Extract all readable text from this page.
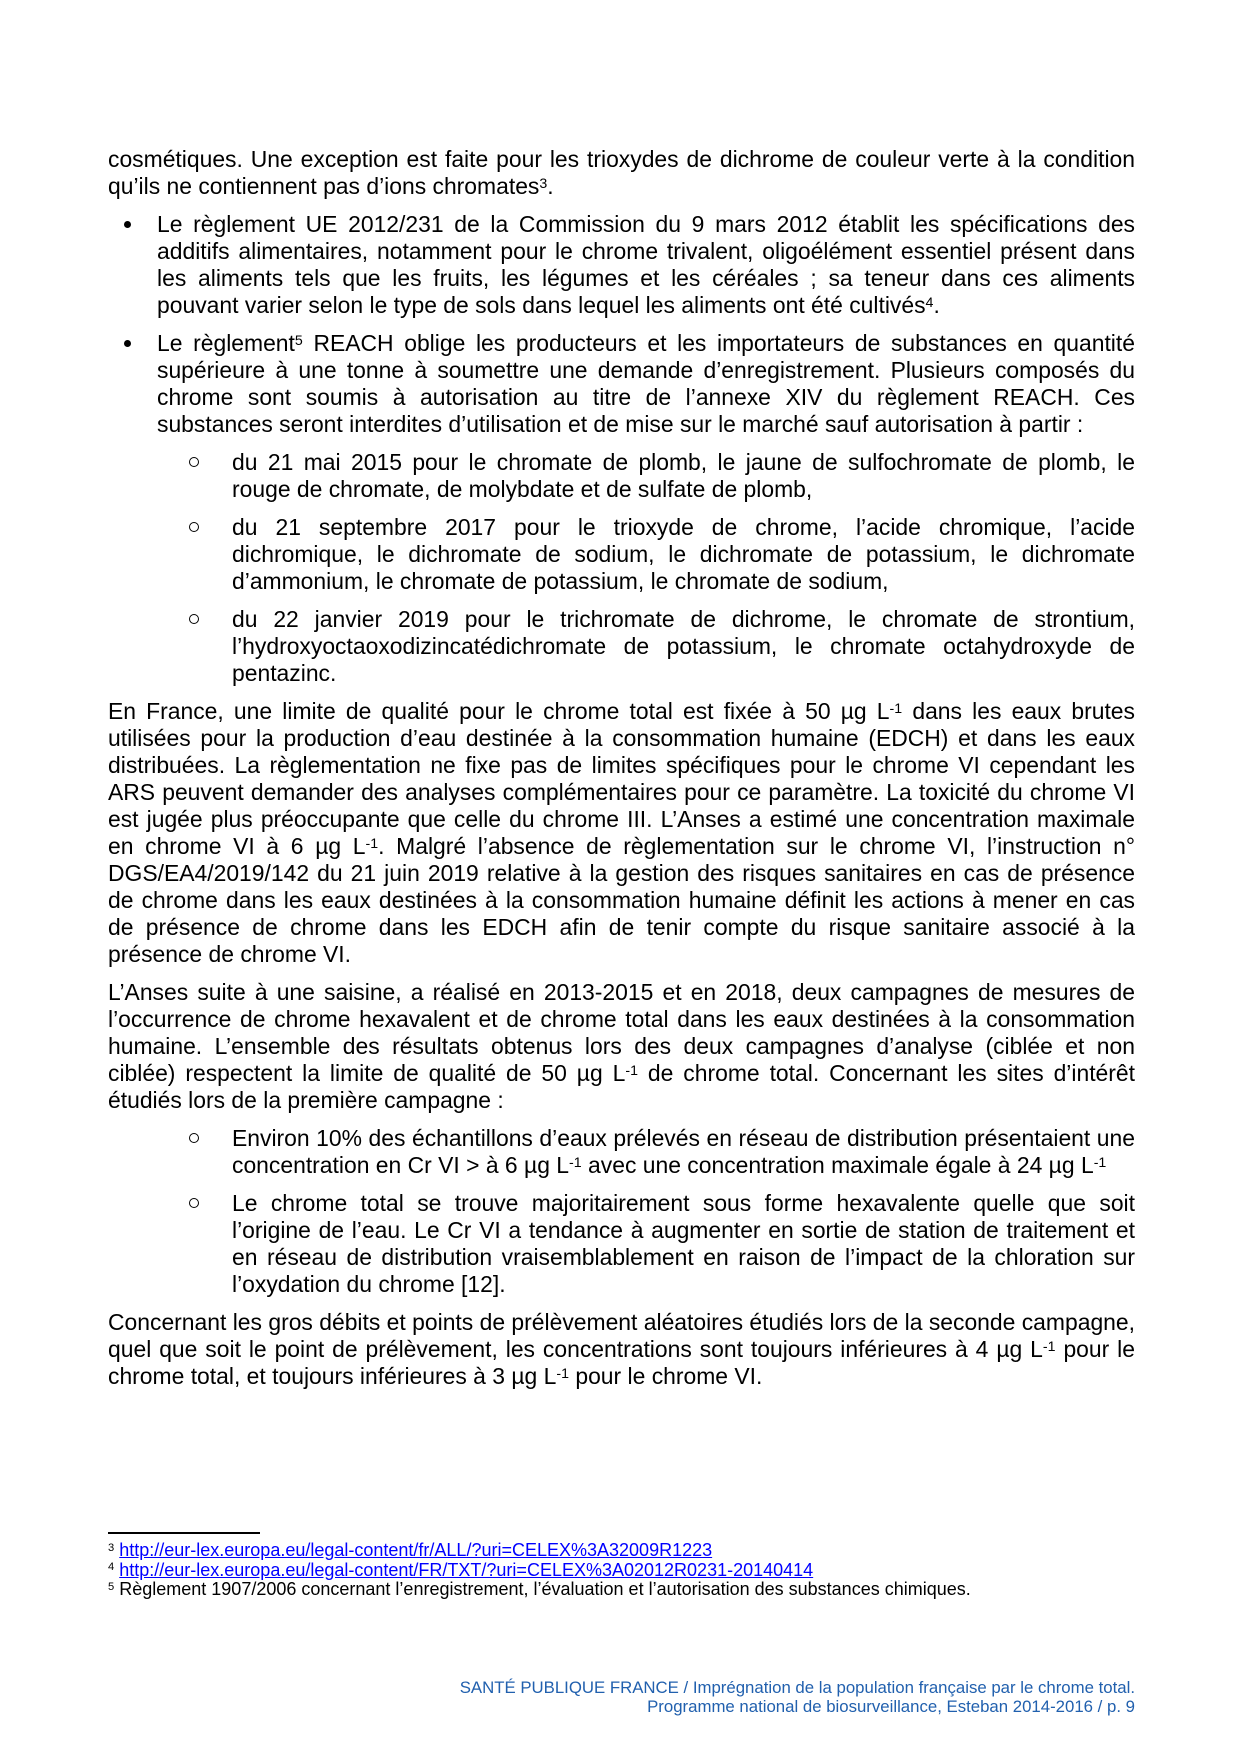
cosmétiques. Une exception est faite pour les trioxydes de dichrome de couleur verte à la condition qu’ils ne contiennent pas d’ions chromates$^3$.

Le règlement UE 2012/231 de la Commission du 9 mars 2012 établit les spécifications des additifs alimentaires, notamment pour le chrome trivalent, oligoélément essentiel présent dans les aliments tels que les fruits, les légumes et les céréales ; sa teneur dans ces aliments pouvant varier selon le type de sols dans lequel les aliments ont été cultivés$^4$.

Le règlement$^5$ REACH oblige les producteurs et les importateurs de substances en quantité supérieure à une tonne à soumettre une demande d’enregistrement. Plusieurs composés du chrome sont soumis à autorisation au titre de l’annexe XIV du règlement REACH. Ces substances seront interdites d’utilisation et de mise sur le marché sauf autorisation à partir :

du 21 mai 2015 pour le chromate de plomb, le jaune de sulfochromate de plomb, le rouge de chromate, de molybdate et de sulfate de plomb,

du 21 septembre 2017 pour le trioxyde de chrome, l’acide chromique, l’acide dichromique, le dichromate de sodium, le dichromate de potassium, le dichromate d’ammonium, le chromate de potassium, le chromate de sodium,

du 22 janvier 2019 pour le trichromate de dichrome, le chromate de strontium, l’hydroxyoctaoxodizincatédichromate de potassium, le chromate octahydroxyde de pentazinc.

En France, une limite de qualité pour le chrome total est fixée à 50 µg $L^{-1}$ dans les eaux brutes utilisées pour la production d’eau destinée à la consommation humaine (EDCH) et dans les eaux distribuées. La règlementation ne fixe pas de limites spécifiques pour le chrome VI cependant les ARS peuvent demander des analyses complémentaires pour ce paramètre. La toxicité du chrome VI est jugée plus préoccupante que celle du chrome III. L’Anses a estimé une concentration maximale en chrome VI à 6 µg $L^{-1}$. Malgré l’absence de règlementation sur le chrome VI, l’instruction n° DGS/EA4/2019/142 du 21 juin 2019 relative à la gestion des risques sanitaires en cas de présence de chrome dans les eaux destinées à la consommation humaine définit les actions à mener en cas de présence de chrome dans les EDCH afin de tenir compte du risque sanitaire associé à la présence de chrome VI.

L’Anses suite à une saisine, a réalisé en 2013-2015 et en 2018, deux campagnes de mesures de l’occurrence de chrome hexavalent et de chrome total dans les eaux destinées à la consommation humaine. L’ensemble des résultats obtenus lors des deux campagnes d’analyse (ciblée et non ciblée) respectent la limite de qualité de 50 µg $L^{-1}$ de chrome total. Concernant les sites d’intérêt étudiés lors de la première campagne :

Environ 10% des échantillons d’eaux prélevés en réseau de distribution présentaient une concentration en Cr VI > à 6 µg $L^{-1}$ avec une concentration maximale égale à 24 µg $L^{-1}$

Le chrome total se trouve majoritairement sous forme hexavalente quelle que soit l’origine de l’eau. Le Cr VI a tendance à augmenter en sortie de station de traitement et en réseau de distribution vraisemblablement en raison de l’impact de la chloration sur l’oxydation du chrome [12].

Concernant les gros débits et points de prélèvement aléatoires étudiés lors de la seconde campagne, quel que soit le point de prélèvement, les concentrations sont toujours inférieures à 4 µg $L^{-1}$ pour le chrome total, et toujours inférieures à 3 µg $L^{-1}$ pour le chrome VI.

$^3$ http://eur-lex.europa.eu/legal-content/fr/ALL/?uri=CELEX%3A32009R1223

$^4$ http://eur-lex.europa.eu/legal-content/FR/TXT/?uri=CELEX%3A02012R0231-20140414

$^5$ Règlement 1907/2006 concernant l’enregistrement, l’évaluation et l’autorisation des substances chimiques.

SANTÉ PUBLIQUE FRANCE / Imprégnation de la population française par le chrome total.
Programme national de biosurveillance, Esteban 2014-2016 / p. 9
